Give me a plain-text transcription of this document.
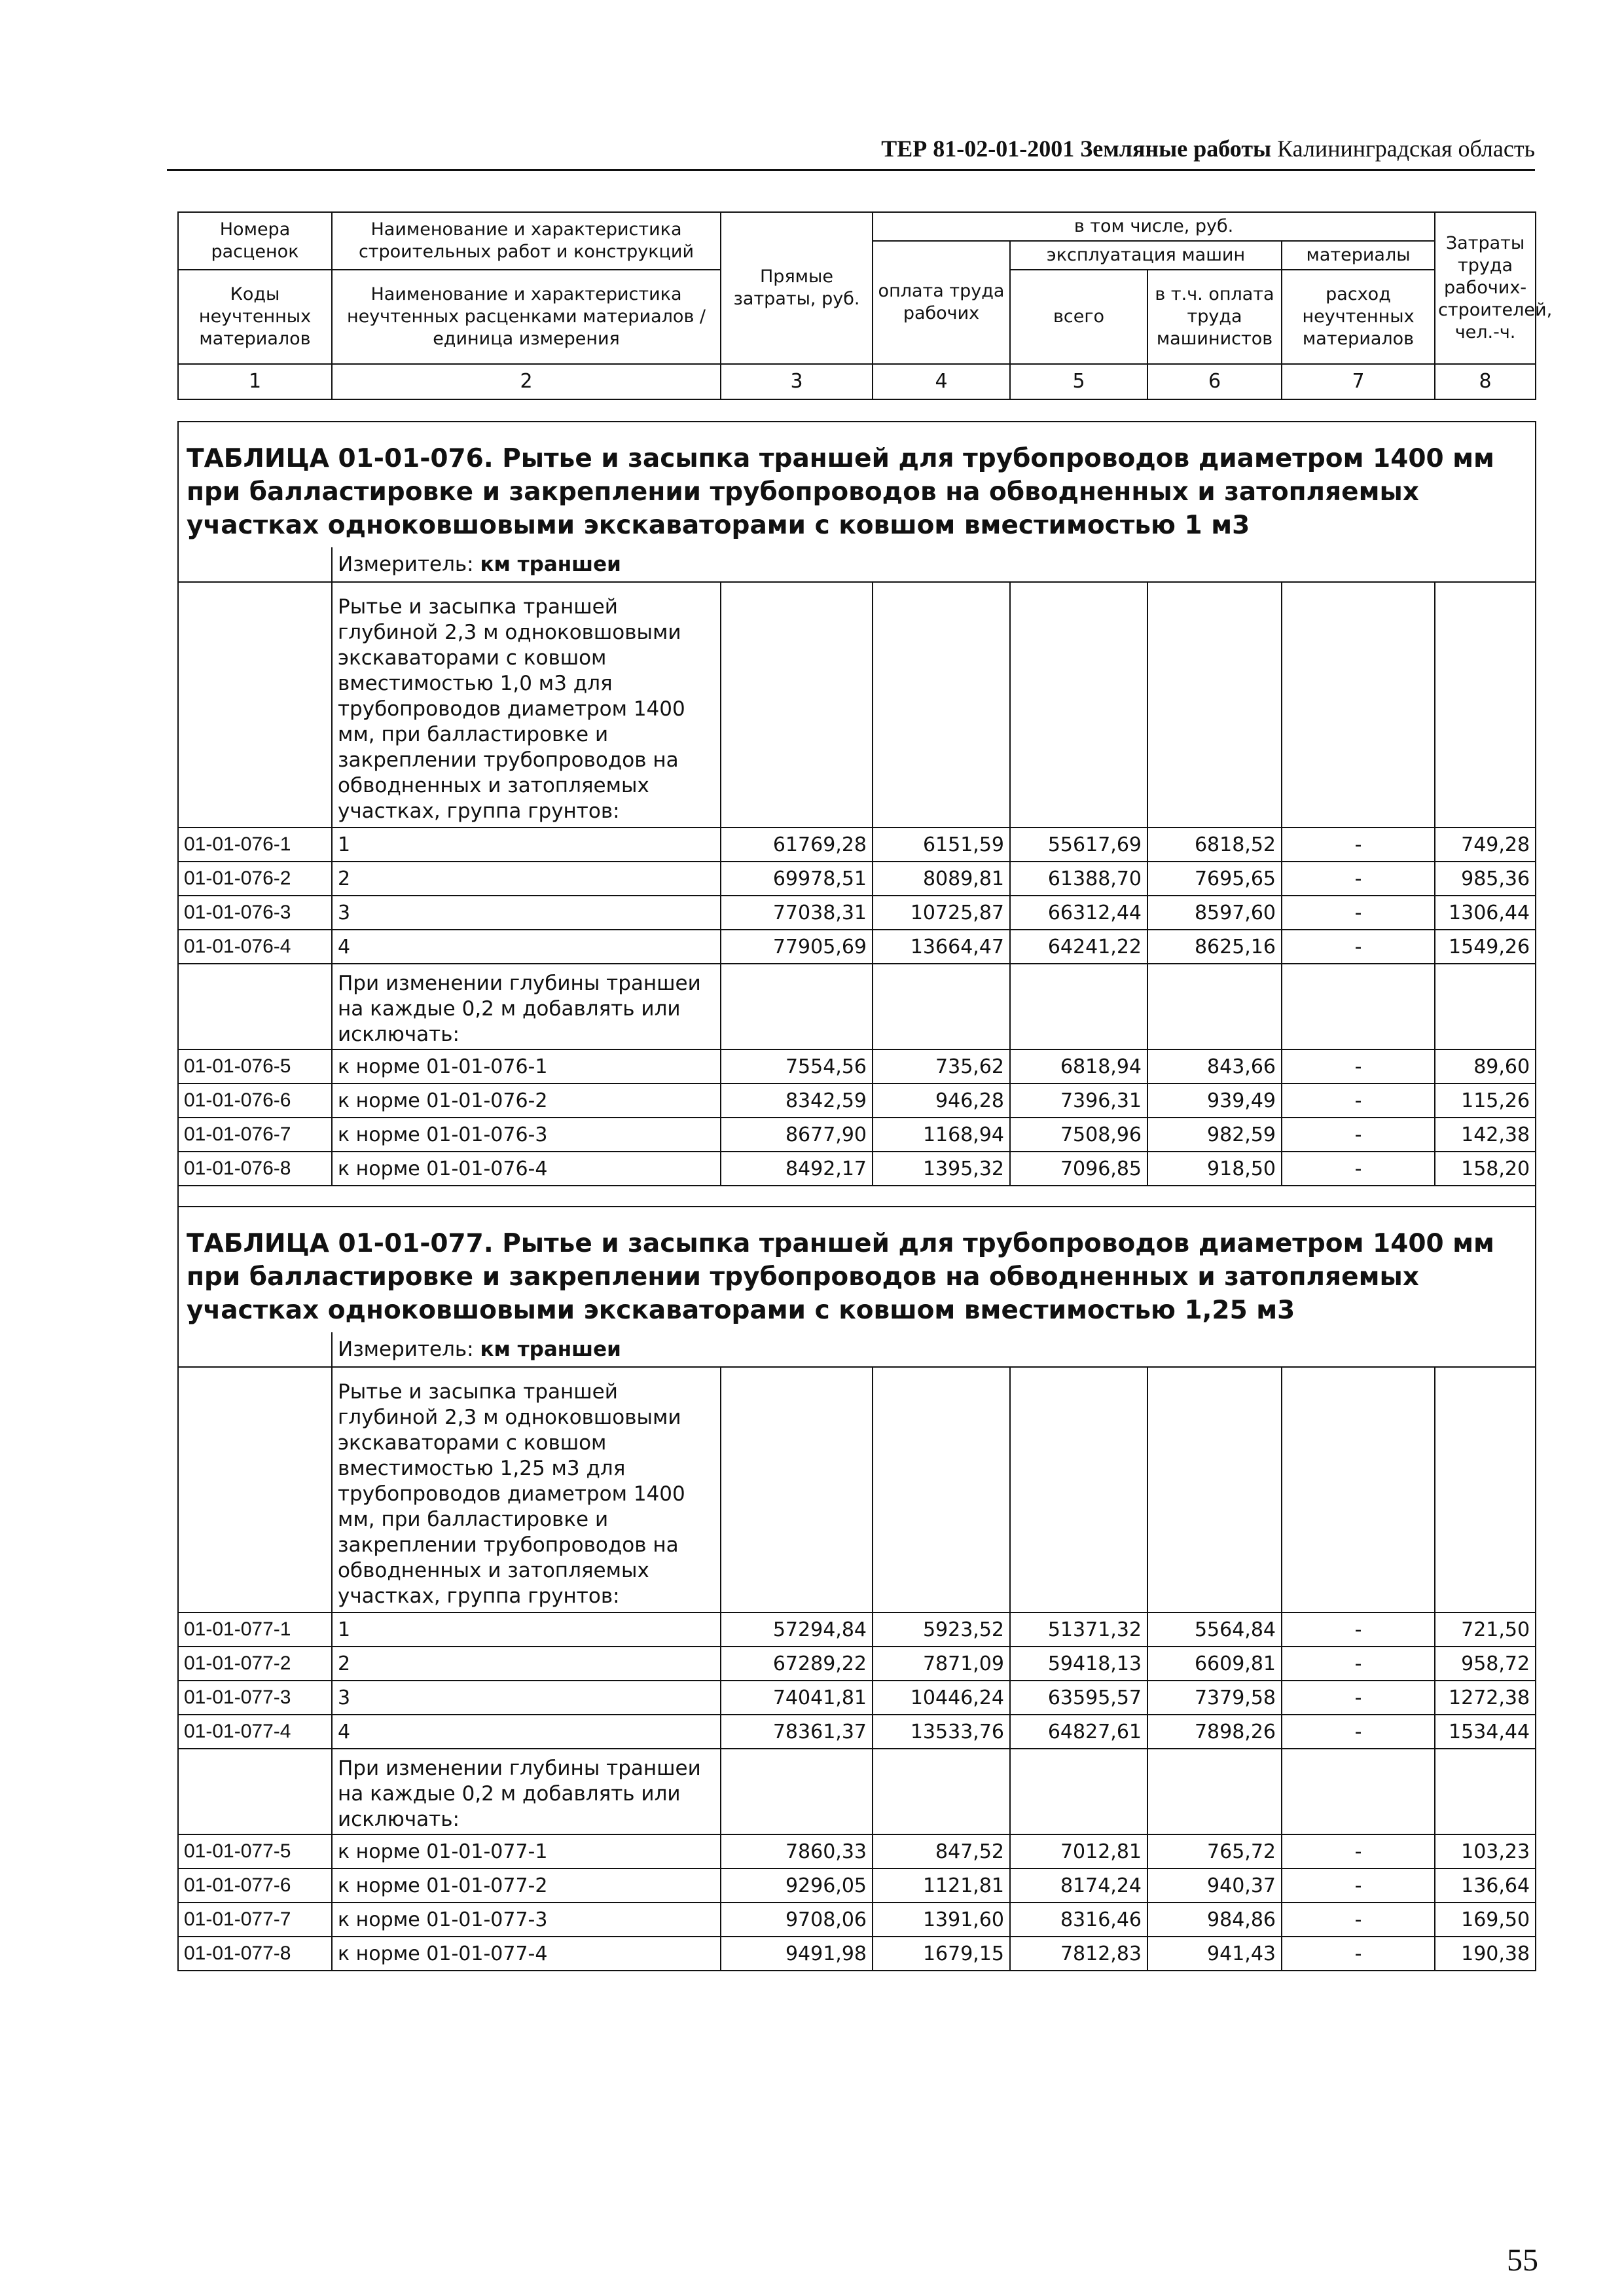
ТЕР 81-02-01-2001 Земляные работы Калининградская область
Номера расценок	Наименование и характеристика строительных работ и конструкций	Прямые затраты, руб.	в том числе, руб.				Затраты труда рабочих-строителей, чел.-ч.
			оплата труда рабочих	эксплуатация машин		материалы	
Коды неучтенных материалов	Наименование и характеристика неучтенных расценками материалов / единица измерения			всего	в т.ч. оплата труда машинистов	расход неучтенных материалов	

1	2	3	4	5	6	7	8
ТАБЛИЦА 01-01-076. Рытье и засыпка траншей для трубопроводов диаметром 1400 мм при балластировке и закреплении трубопроводов на обводненных и затопляемых участках одноковшовыми экскаваторами с ковшом вместимостью 1 м3							
	Измеритель: км траншеи						
	Рытье и засыпка траншей глубиной 2,3 м одноковшовыми экскаваторами с ковшом вместимостью 1,0 м3 для трубопроводов диаметром 1400 мм, при балластировке и закреплении трубопроводов на обводненных и затопляемых участках, группа грунтов:						
01-01-076-1	1	61769,28	6151,59	55617,69	6818,52	-	749,28
01-01-076-2	2	69978,51	8089,81	61388,70	7695,65	-	985,36
01-01-076-3	3	77038,31	10725,87	66312,44	8597,60	-	1306,44
01-01-076-4	4	77905,69	13664,47	64241,22	8625,16	-	1549,26
	При изменении глубины траншеи на каждые 0,2 м добавлять или исключать:						
01-01-076-5	к норме 01-01-076-1	7554,56	735,62	6818,94	843,66	-	89,60
01-01-076-6	к норме 01-01-076-2	8342,59	946,28	7396,31	939,49	-	115,26
01-01-076-7	к норме 01-01-076-3	8677,90	1168,94	7508,96	982,59	-	142,38
01-01-076-8	к норме 01-01-076-4	8492,17	1395,32	7096,85	918,50	-	158,20

ТАБЛИЦА 01-01-077. Рытье и засыпка траншей для трубопроводов диаметром 1400 мм при балластировке и закреплении трубопроводов на обводненных и затопляемых участках одноковшовыми экскаваторами с ковшом вместимостью 1,25 м3							
	Измеритель: км траншеи						
	Рытье и засыпка траншей глубиной 2,3 м одноковшовыми экскаваторами с ковшом вместимостью 1,25 м3 для трубопроводов диаметром 1400 мм, при балластировке и закреплении трубопроводов на обводненных и затопляемых участках, группа грунтов:						
01-01-077-1	1	57294,84	5923,52	51371,32	5564,84	-	721,50
01-01-077-2	2	67289,22	7871,09	59418,13	6609,81	-	958,72
01-01-077-3	3	74041,81	10446,24	63595,57	7379,58	-	1272,38
01-01-077-4	4	78361,37	13533,76	64827,61	7898,26	-	1534,44
	При изменении глубины траншеи на каждые 0,2 м добавлять или исключать:						
01-01-077-5	к норме 01-01-077-1	7860,33	847,52	7012,81	765,72	-	103,23
01-01-077-6	к норме 01-01-077-2	9296,05	1121,81	8174,24	940,37	-	136,64
01-01-077-7	к норме 01-01-077-3	9708,06	1391,60	8316,46	984,86	-	169,50
01-01-077-8	к норме 01-01-077-4	9491,98	1679,15	7812,83	941,43	-	190,38
55
